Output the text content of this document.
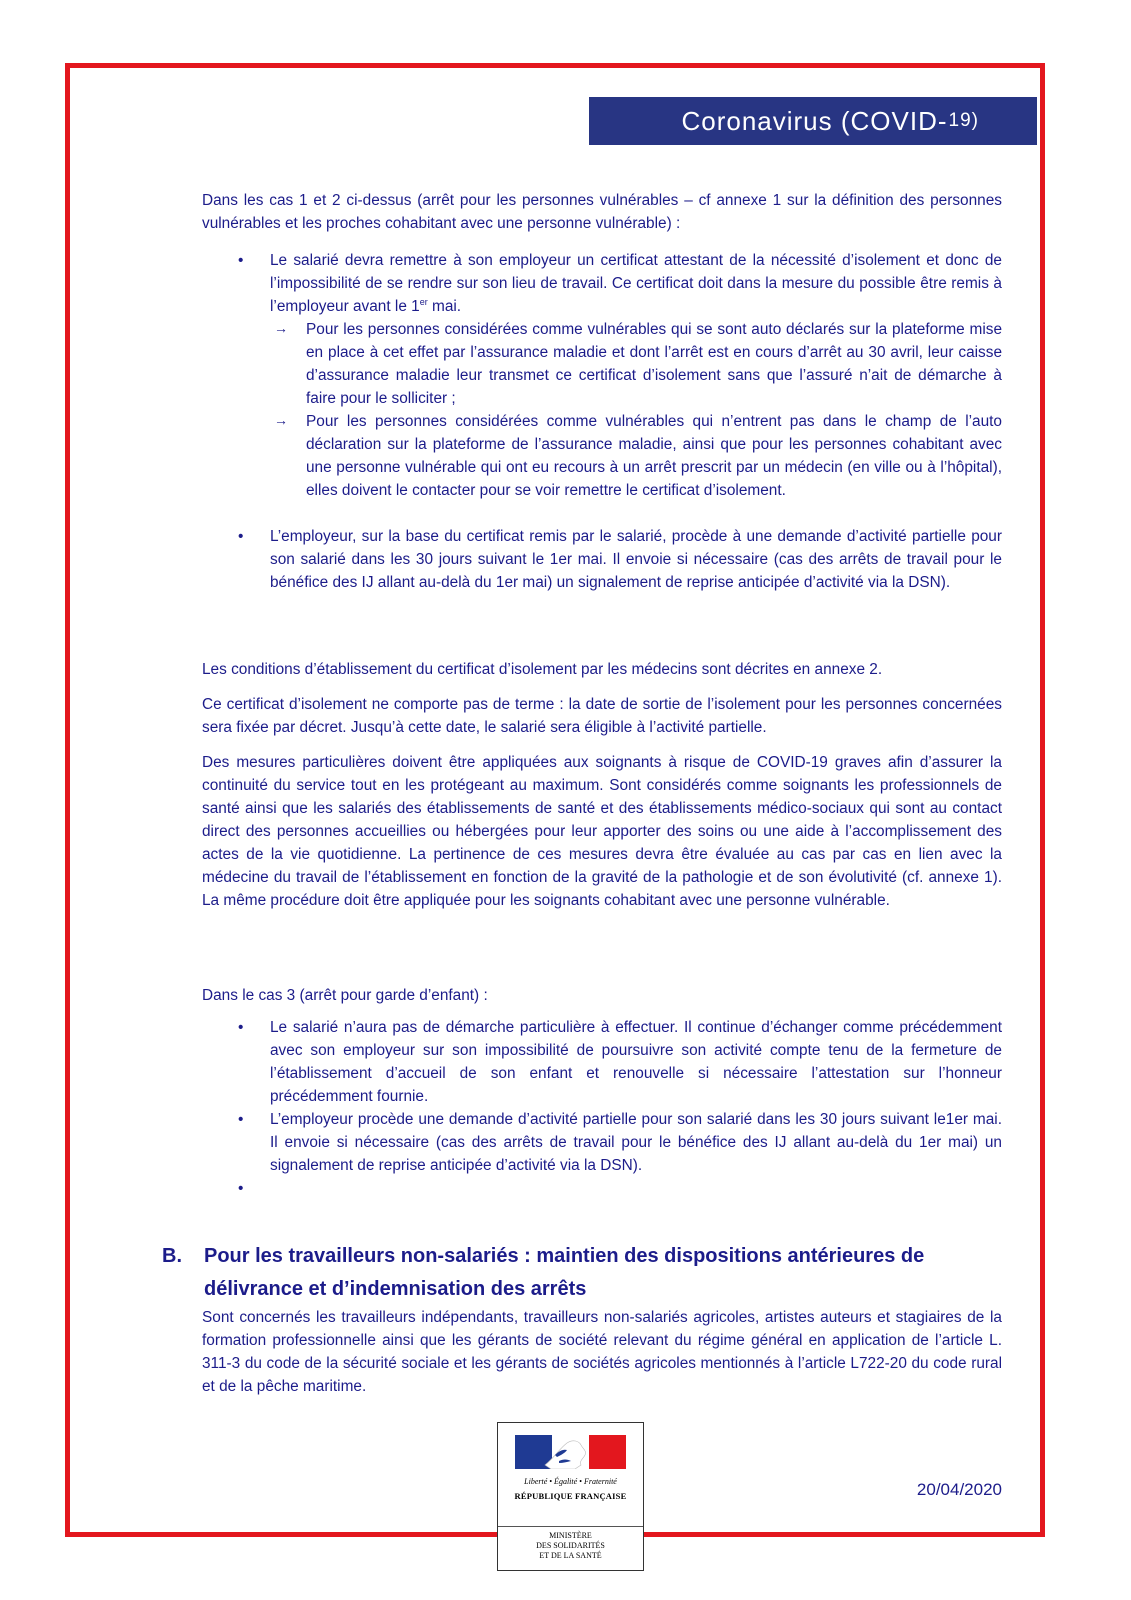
Coronavirus (COVID- 19)

Dans les cas 1 et 2 ci-dessus (arrêt pour les personnes vulnérables – cf annexe 1 sur la définition des personnes vulnérables et les proches cohabitant avec une personne vulnérable) :

• Le salarié devra remettre à son employeur un certificat attestant de la nécessité d’isolement et donc de l’impossibilité de se rendre sur son lieu de travail. Ce certificat doit dans la mesure du possible être remis à l’employeur avant le 1er mai.
→ Pour les personnes considérées comme vulnérables qui se sont auto déclarés sur la plateforme mise en place à cet effet par l’assurance maladie et dont l’arrêt est en cours d’arrêt au 30 avril, leur caisse d’assurance maladie leur transmet ce certificat d’isolement sans que l’assuré n’ait de démarche à faire pour le solliciter ;
→ Pour les personnes considérées comme vulnérables qui n’entrent pas dans le champ de l’auto déclaration sur la plateforme de l’assurance maladie, ainsi que pour les personnes cohabitant avec une personne vulnérable qui ont eu recours à un arrêt prescrit par un médecin (en ville ou à l’hôpital), elles doivent le contacter pour se voir remettre le certificat d’isolement.
• L’employeur, sur la base du certificat remis par le salarié, procède à une demande d’activité partielle pour son salarié dans les 30 jours suivant le 1er mai. Il envoie si nécessaire (cas des arrêts de travail pour le bénéfice des IJ allant au-delà du 1er mai) un signalement de reprise anticipée d’activité via la DSN).

Les conditions d’établissement du certificat d’isolement par les médecins sont décrites en annexe 2.

Ce certificat d’isolement ne comporte pas de terme : la date de sortie de l’isolement pour les personnes concernées sera fixée par décret. Jusqu’à cette date, le salarié sera éligible à l’activité partielle.

Des mesures particulières doivent être appliquées aux soignants à risque de COVID-19 graves afin d’assurer la continuité du service tout en les protégeant au maximum. Sont considérés comme soignants les professionnels de santé ainsi que les salariés des établissements de santé et des établissements médico-sociaux qui sont au contact direct des personnes accueillies ou hébergées pour leur apporter des soins ou une aide à l’accomplissement des actes de la vie quotidienne. La pertinence de ces mesures devra être évaluée au cas par cas en lien avec la médecine du travail de l’établissement en fonction de la gravité de la pathologie et de son évolutivité (cf. annexe 1). La même procédure doit être appliquée pour les soignants cohabitant avec une personne vulnérable.

Dans le cas 3 (arrêt pour garde d’enfant) :

• Le salarié n’aura pas de démarche particulière à effectuer. Il continue d’échanger comme précédemment avec son employeur sur son impossibilité de poursuivre son activité compte tenu de la fermeture de l’établissement d’accueil de son enfant et renouvelle si nécessaire l’attestation sur l’honneur précédemment fournie.
• L’employeur procède une demande d’activité partielle pour son salarié dans les 30 jours suivant le1er mai. Il envoie si nécessaire (cas des arrêts de travail pour le bénéfice des IJ allant au-delà du 1er mai) un signalement de reprise anticipée d’activité via la DSN).
•
B.	Pour les travailleurs non-salariés : maintien des dispositions antérieures de délivrance et d’indemnisation des arrêts

Sont concernés les travailleurs indépendants, travailleurs non-salariés agricoles, artistes auteurs et stagiaires de la formation professionnelle ainsi que les gérants de société relevant du régime général en application de l’article L. 311-3 du code de la sécurité sociale et les gérants de sociétés agricoles mentionnés à l’article L722-20 du code rural et de la pêche maritime.

Liberté • Égalité • Fraternité
RÉPUBLIQUE FRANÇAISE
MINISTÈRE
DES SOLIDARITÉS
ET DE LA SANTÉ
20/04/2020
